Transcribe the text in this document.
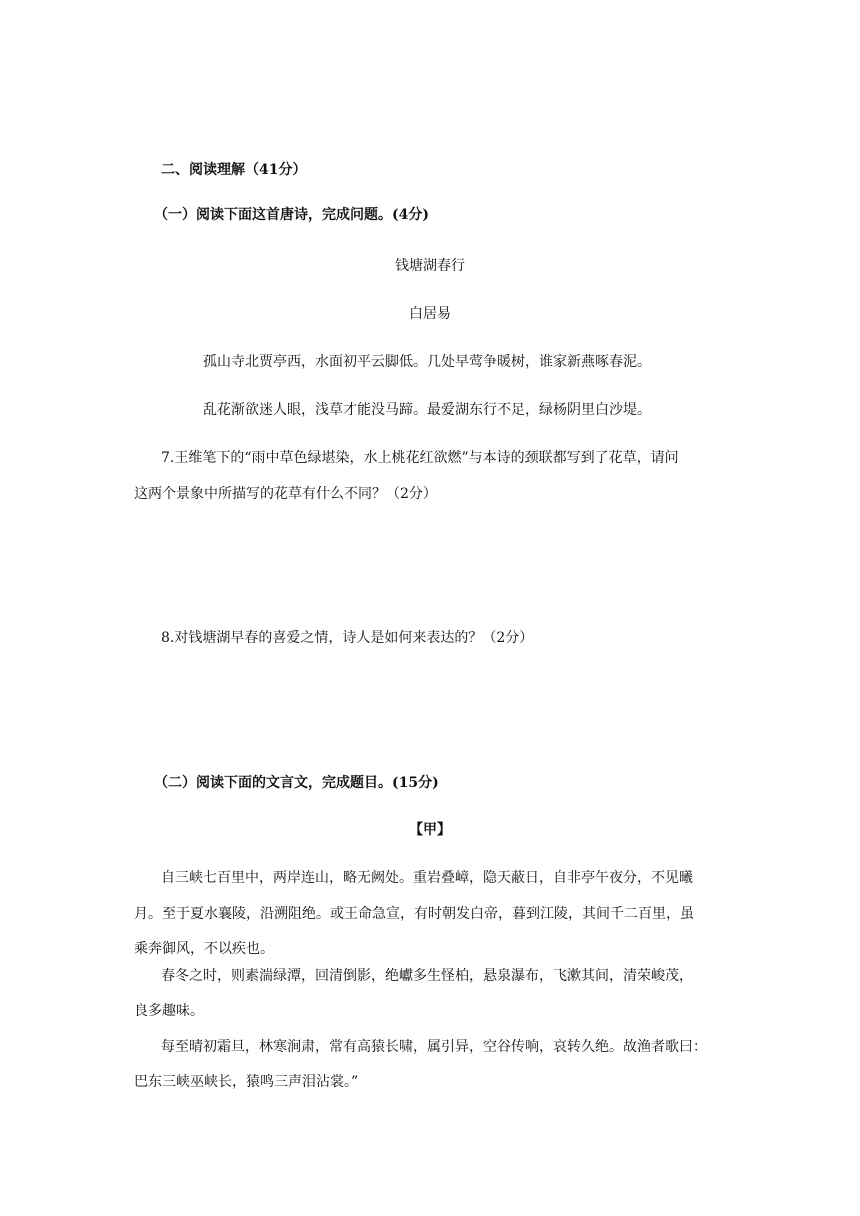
二、阅读理解（41分）
（一）阅读下面这首唐诗，完成问题。(4分)
钱塘湖春行
白居易
孤山寺北贾亭西，水面初平云脚低。几处早莺争暖树，谁家新燕啄春泥。
乱花渐欲迷人眼，浅草才能没马蹄。最爱湖东行不足，绿杨阴里白沙堤。
7.王维笔下的“雨中草色绿堪染，水上桃花红欲燃”与本诗的颈联都写到了花草，请问
这两个景象中所描写的花草有什么不同？（2分）
8.对钱塘湖早春的喜爱之情，诗人是如何来表达的？（2分）
（二）阅读下面的文言文，完成题目。(15分)
【甲】
自三峡七百里中，两岸连山，略无阙处。重岩叠嶂，隐天蔽日，自非亭午夜分，不见曦
月。至于夏水襄陵，沿溯阻绝。或王命急宣，有时朝发白帝，暮到江陵，其间千二百里，虽
乘奔御风，不以疾也。
春冬之时，则素湍绿潭，回清倒影，绝巘多生怪柏，悬泉瀑布，飞漱其间，清荣峻茂，
良多趣味。
每至晴初霜旦，林寒涧肃，常有高猿长啸，属引异，空谷传响，哀转久绝。故渔者歌曰：
巴东三峡巫峡长，猿鸣三声泪沾裳。”
